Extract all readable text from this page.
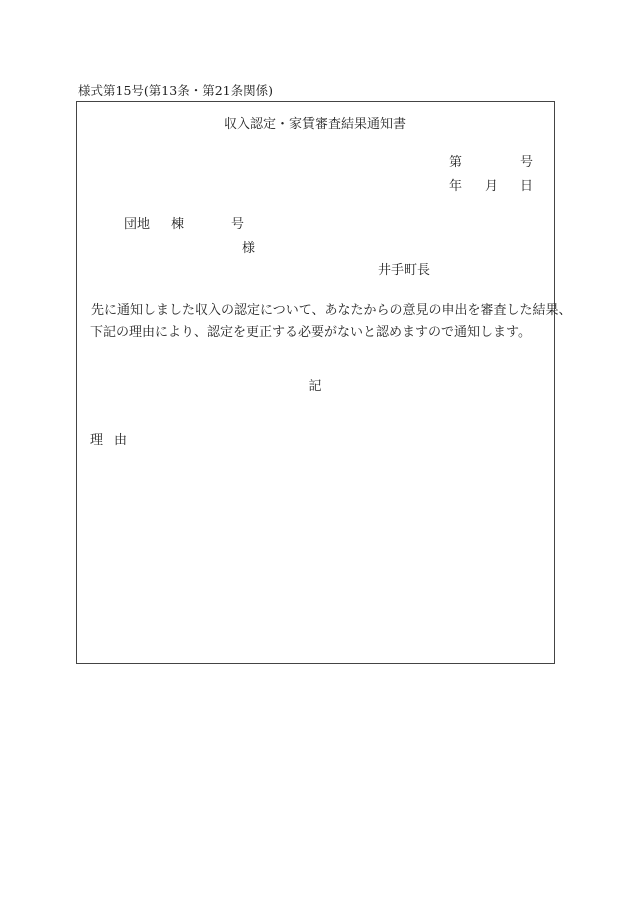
様式第15号(第13条・第21条関係)
収入認定・家賃審査結果通知書
第	号
年 月 日
団地 棟	号
様
井手町長
先に通知しました収入の認定について、あなたからの意見の申出を審査した結果、
下記の理由により、認定を更正する必要がないと認めますので通知します。
記
理由
